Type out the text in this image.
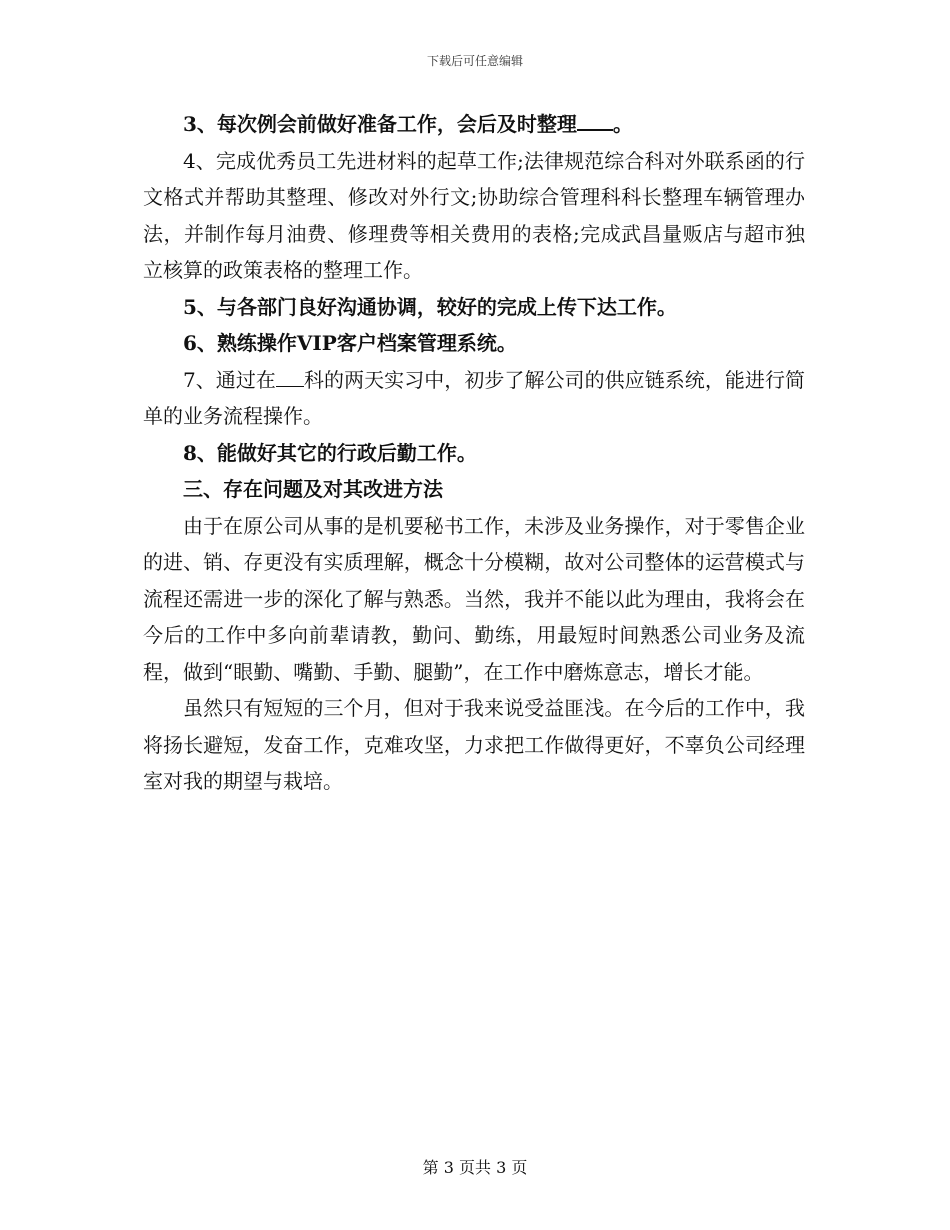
下载后可任意编辑

3、每次例会前做好准备工作，会后及时整理 。

4、完成优秀员工先进材料的起草工作;法律规范综合科对外联系函的行文格式并帮助其整理、修改对外行文;协助综合管理科科长整理车辆管理办法，并制作每月油费、修理费等相关费用的表格;完成武昌量贩店与超市独立核算的政策表格的整理工作。

5、与各部门良好沟通协调，较好的完成上传下达工作。

6、熟练操作VIP客户档案管理系统。

7、通过在 科的两天实习中，初步了解公司的供应链系统，能进行简单的业务流程操作。

8、能做好其它的行政后勤工作。

三、存在问题及对其改进方法

由于在原公司从事的是机要秘书工作，未涉及业务操作，对于零售企业的进、销、存更没有实质理解，概念十分模糊，故对公司整体的运营模式与流程还需进一步的深化了解与熟悉。当然，我并不能以此为理由，我将会在今后的工作中多向前辈请教，勤问、勤练，用最短时间熟悉公司业务及流程，做到“眼勤、嘴勤、手勤、腿勤”，在工作中磨炼意志，增长才能。

虽然只有短短的三个月，但对于我来说受益匪浅。在今后的工作中，我将扬长避短，发奋工作，克难攻坚，力求把工作做得更好，不辜负公司经理室对我的期望与栽培。

第 3 页共 3 页
